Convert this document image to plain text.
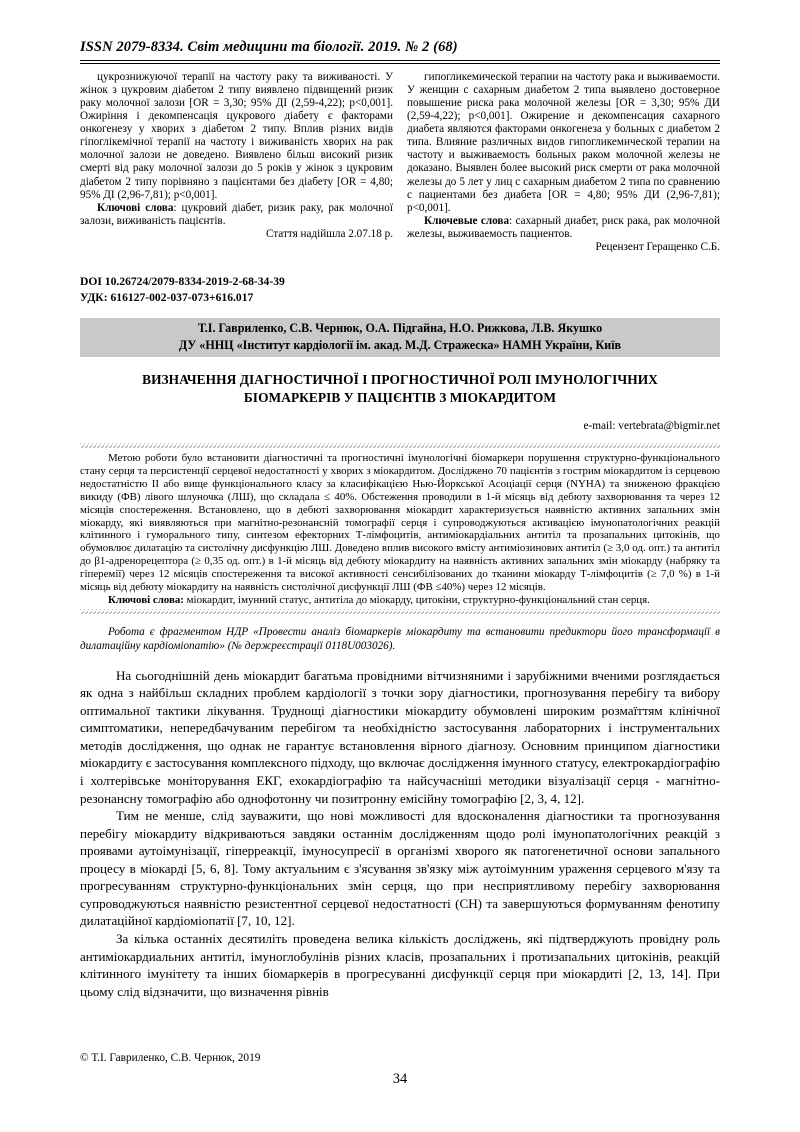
ISSN 2079-8334. Світ медицини та біології. 2019. № 2 (68)

цукрознижуючої терапії на частоту раку та виживаності. У жінок з цукровим діабетом 2 типу виявлено підвищений ризик раку молочної залози [OR = 3,30; 95% ДІ (2,59-4,22); р<0,001]. Ожиріння і декомпенсація цукрового діабету є факторами онкогенезу у хворих з діабетом 2 типу. Вплив різних видів гіпоглікемічної терапії на частоту і виживаність хворих на рак молочної залози не доведено. Виявлено більш високий ризик смерті від раку молочної залози до 5 років у жінок з цукровим діабетом 2 типу порівняно з пацієнтами без діабету [OR = 4,80; 95% ДІ (2,96-7,81); р<0,001].

Ключові слова: цукровий діабет, ризик раку, рак молочної залози, виживаність пацієнтів.

Стаття надійшла 2.07.18 р.

гипогликемической терапии на частоту рака и выживаемости. У женщин с сахарным диабетом 2 типа выявлено достоверное повышение риска рака молочной железы [OR = 3,30; 95% ДИ (2,59-4,22); р<0,001]. Ожирение и декомпенсация сахарного диабета являются факторами онкогенеза у больных с диабетом 2 типа. Влияние различных видов гипогликемической терапии на частоту и выживаемость больных раком молочной железы не доказано. Выявлен более высокий риск смерти от рака молочной железы до 5 лет у лиц с сахарным диабетом 2 типа по сравнению с пациентами без диабета [OR = 4,80; 95% ДИ (2,96-7,81); р<0,001].

Ключевые слова: сахарный диабет, риск рака, рак молочной железы, выживаемость пациентов.

Рецензент Геращенко С.Б.

DOI 10.26724/2079-8334-2019-2-68-34-39
УДК: 616127-002-037-073+616.017
Т.І. Гавриленко, С.В. Чернюк, О.А. Підгайна, Н.О. Рижкова, Л.В. Якушко
ДУ «ННЦ «Інститут кардіології ім. акад. М.Д. Стражеска» НАМН України, Київ
ВИЗНАЧЕННЯ ДІАГНОСТИЧНОЇ І ПРОГНОСТИЧНОЇ РОЛІ ІМУНОЛОГІЧНИХ
БІОМАРКЕРІВ У ПАЦІЄНТІВ З МІОКАРДИТОМ
e-mail: vertebrata@bigmir.net

Метою роботи було встановити діагностичні та прогностичні імунологічні біомаркери порушення структурно-функціонального стану серця та персистенції серцевої недостатності у хворих з міокардитом. Досліджено 70 пацієнтів з гострим міокардитом із серцевою недостатністю II або вище функціонального класу за класифікацією Нью-Йоркської Асоціації серця (NYHA) та зниженою фракцією викиду (ФВ) лівого шлуночка (ЛШ), що складала ≤ 40%. Обстеження проводили в 1-й місяць від дебюту захворювання та через 12 місяців спостереження. Встановлено, що в дебюті захворювання міокардит характеризується наявністю активних запальних змін міокарду, які виявляються при магнітно-резонансній томографії серця і супроводжуються активацією імунопатологічних реакцій клітинного і гуморального типу, синтезом ефекторних Т-лімфоцитів, антиміокардіальних антитіл та прозапальних цитокінів, що обумовлює дилатацію та систолічну дисфункцію ЛШ. Доведено вплив високого вмісту антиміозинових антитіл (≥ 3,0 од. опт.) та антитіл до β1-адренорецептора (≥ 0,35 од. опт.) в 1-й місяць від дебюту міокардиту на наявність активних запальних змін міокарду (набряку та гіперемії) через 12 місяців спостереження та високої активності сенсибілізованих до тканини міокарду Т-лімфоцитів (≥ 7,0 %) в 1-й місяць від дебюту міокардиту на наявність систолічної дисфункції ЛШ (ФВ ≤40%) через 12 місяців.

Ключові слова: міокардит, імунний статус, антитіла до міокарду, цитокіни, структурно-функціональний стан серця.

Робота є фрагментом НДР «Провести аналіз біомаркерів міокардиту та встановити предиктори його трансформації в дилатаційну кардіоміопатію» (№ держреєстрації 0118U003026).

На сьогоднішній день міокардит багатьма провідними вітчизняними і зарубіжними вченими розглядається як одна з найбільш складних проблем кардіології з точки зору діагностики, прогнозування перебігу та вибору оптимальної тактики лікування. Труднощі діагностики міокардиту обумовлені широким розмаїттям клінічної симптоматики, непередбачуваним перебігом та необхідністю застосування лабораторних і інструментальних методів дослідження, що однак не гарантує встановлення вірного діагнозу. Основним принципом діагностики міокардиту є застосування комплексного підходу, що включає дослідження імунного статусу, електрокардіографію і холтерівське моніторування ЕКГ, ехокардіографію та найсучасніші методики візуалізації серця - магнітно-резонансну томографію або однофотонну чи позитронну емісійну томографію [2, 3, 4, 12].

Тим не менше, слід зауважити, що нові можливості для вдосконалення діагностики та прогнозування перебігу міокардиту відкриваються завдяки останнім дослідженням щодо ролі імунопатологічних реакцій з проявами аутоімунізації, гіперреакції, імуносупресії в організмі хворого як патогенетичної основи запального процесу в міокарді [5, 6, 8]. Тому актуальним є з'ясування зв'язку між аутоімунним ураження серцевого м'язу та прогресуванням структурно-функціональних змін серця, що при несприятливому перебігу захворювання супроводжуються наявністю резистентної серцевої недостатності (СН) та завершуються формуванням фенотипу дилатаційної кардіоміопатії [7, 10, 12].

За кілька останніх десятиліть проведена велика кількість досліджень, які підтверджують провідну роль антиміокардиальних антитіл, імуноглобулінів різних класів, прозапальних і протизапальних цитокінів, реакцій клітинного імунітету та інших біомаркерів в прогресуванні дисфункції серця при міокардиті [2, 13, 14]. При цьому слід відзначити, що визначення рівнів

© Т.І. Гавриленко, С.В. Чернюк, 2019
34
